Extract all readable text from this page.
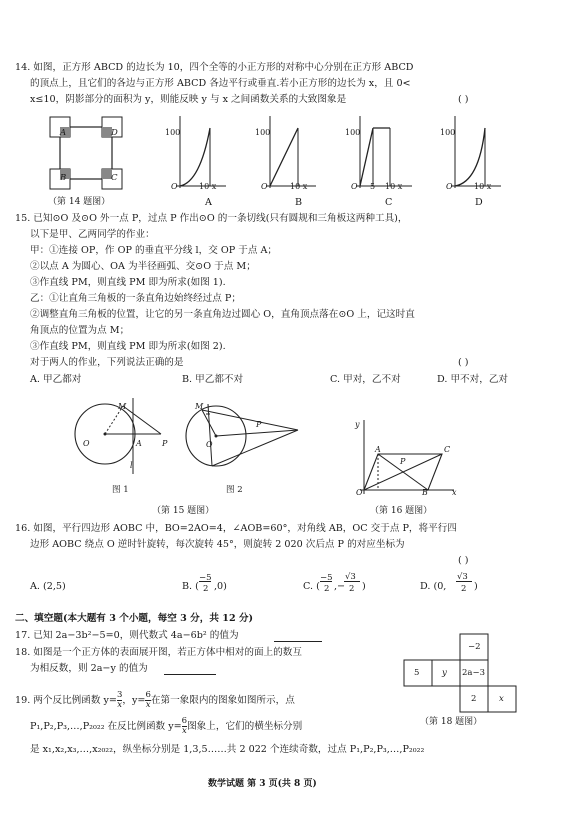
14. 如图，正方形 ABCD 的边长为 10，四个全等的小正方形的对称中心分别在正方形 ABCD
的顶点上，且它们的各边与正方形 ABCD 各边平行或垂直.若小正方形的边长为 x，且 0<
x≤10，阴影部分的面积为 y，则能反映 y 与 x 之间函数关系的大致图象是	( )
A
B	C
D
（第 14 题图）
100
O	10 x
100
O	10 x
100
O 5 10 x
100
O	10 x
A	B	C	D
15. 已知⊙O 及⊙O 外一点 P，过点 P 作出⊙O 的一条切线(只有圆规和三角板这两种工具)，
以下是甲、乙两同学的作业：
甲：①连接 OP，作 OP 的垂直平分线 l，交 OP 于点 A；
②以点 A 为圆心、OA 为半径画弧、交⊙O 于点 M；
③作直线 PM，则直线 PM 即为所求(如图 1).
乙：①让直角三角板的一条直角边始终经过点 P；
②调整直角三角板的位置，让它的另一条直角边过圆心 O，直角顶点落在⊙O 上，记这时直
角顶点的位置为点 M；
③作直线 PM，则直线 PM 即为所求(如图 2).
对于两人的作业，下列说法正确的是	( )
A. 甲乙都对	B. 甲乙都不对	C. 甲对，乙不对	D. 甲不对，乙对
O
M
A	P
l
图 1
M
O
P
图 2
（第 15 题图）
y
A	C
P
O	B	x
（第 16 题图）
16. 如图，平行四边形 AOBC 中，BO=2AO=4，∠AOB=60°，对角线 AB，OC 交于点 P，将平行四
边形 AOBC 绕点 O 逆时针旋转，每次旋转 45°，则旋转 2 020 次后点 P 的对应坐标为
( )
A. (2,5)	B. (
−5
2 ,0)	C. (
−5
2 ,−
√3
2 )	D. (0,
√3
2 )
二、填空题(本大题有 3 个小题，每空 3 分，共 12 分)
17. 已知 2a−3b²−5=0，则代数式 4a−6b² 的值为
18. 如图是一个正方体的表面展开图，若正方体中相对的面上的数互
为相反数，则 2a−y 的值为
−2
5	y 2a−3
2	x
（第 18 题图）
19. 两个反比例函数 $y= \frac{3}{x}$ ，$y= \frac{6}{x}$ 在第一象限内的图象如图所示，点
P₁,P₂,P₃,…,P₂₀₂₂ 在反比例函数 $y= \frac{6}{x}$ 图象上，它们的横坐标分别
是 x₁,x₂,x₃,…,x₂₀₂₂，纵坐标分别是 1,3,5……共 2 022 个连续奇数，过点 P₁,P₂,P₃,…,P₂₀₂₂
数学试题 第 3 页(共 8 页)
